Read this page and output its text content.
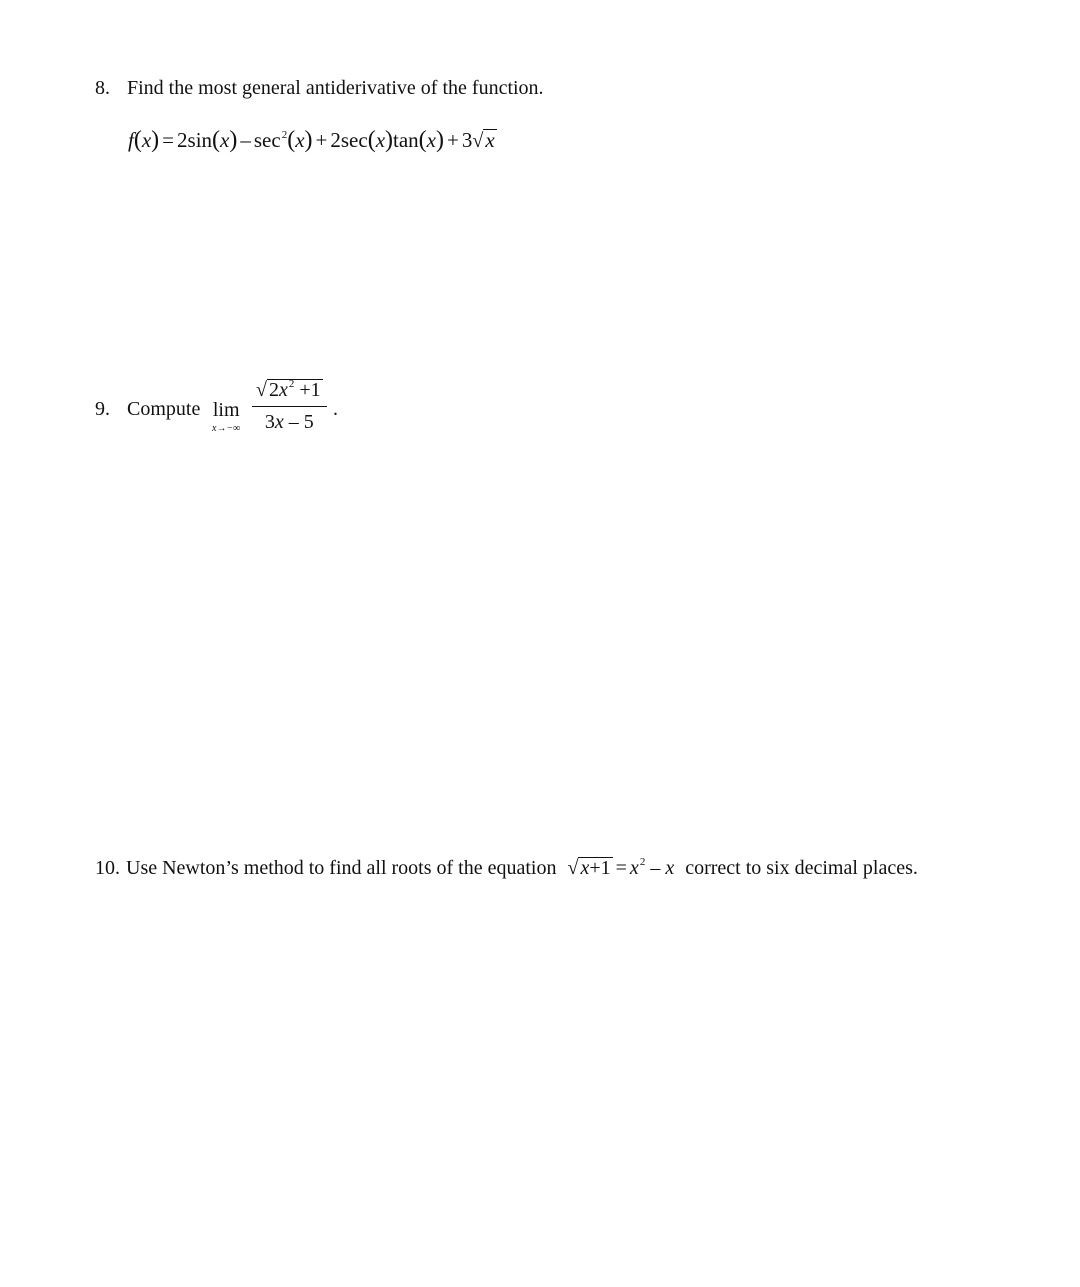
8. Find the most general antiderivative of the function.
$f(x) = 2\sin(x) - \sec^2(x) + 2\sec(x)\tan(x) + 3√x$
9. Compute lim
$x\to-\infty \frac{√ 2x^2 +1}{3x - 5}$ .
10. Use Newton’s method to find all roots of the equation √ $x+1 = x^2 - x$ correct to six decimal places.
